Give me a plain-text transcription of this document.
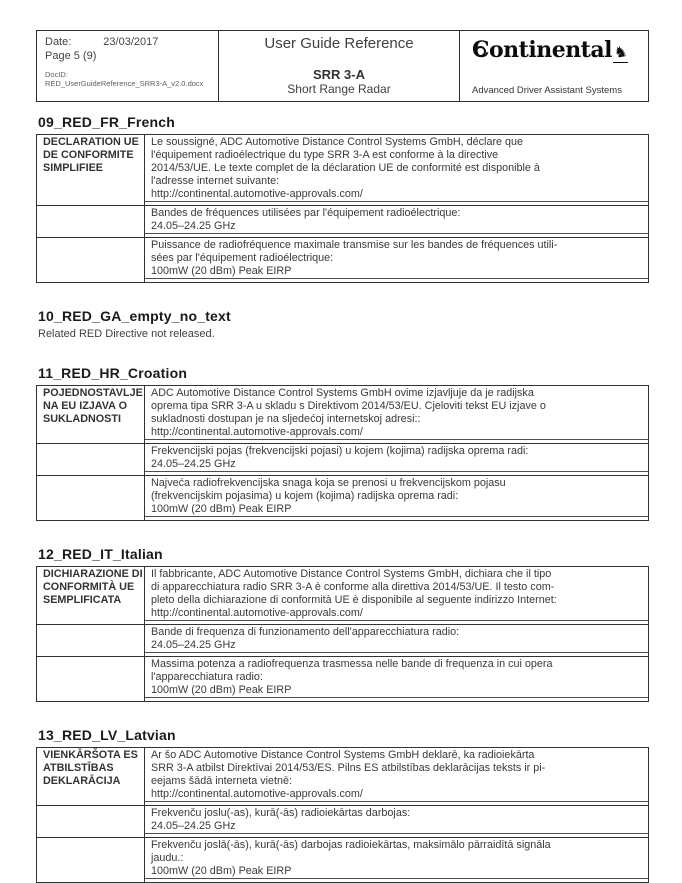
Date:	23/03/2017
Page 5 (9)
DocID:
RED_UserGuideReference_SRR3-A_v2.0.docx
User Guide Reference
SRR 3-A
Short Range Radar
Continental♞
Advanced Driver Assistant Systems
09_RED_FR_French
DECLARATION UE
DE CONFORMITE
SIMPLIFIEE

Le soussigné, ADC Automotive Distance Control Systems GmbH, déclare que
l'équipement radioélectrique du type SRR 3-A est conforme à la directive
2014/53/UE. Le texte complet de la déclaration UE de conformité est disponible à
l'adresse internet suivante:
http://continental.automotive-approvals.com/

	Bandes de fréquences utilisées par l'équipement radioélectrique:
24.05–24.25 GHz

	Puissance de radiofréquence maximale transmise sur les bandes de fréquences utili-
sées par l'équipement radioélectrique:
100mW (20 dBm) Peak EIRP
10_RED_GA_empty_no_text
Related RED Directive not released.
11_RED_HR_Croation
POJEDNOSTAVLJE
NA EU IZJAVA O
SUKLADNOSTI

ADC Automotive Distance Control Systems GmbH ovime izjavljuje da je radijska
oprema tipa SRR 3-A u skladu s Direktivom 2014/53/EU. Cjeloviti tekst EU izjave o
sukladnosti dostupan je na sljedećoj internetskoj adresi::
http://continental.automotive-approvals.com/

	Frekvencijski pojas (frekvencijski pojasi) u kojem (kojima) radijska oprema radi:
24.05–24.25 GHz

	Najveća radiofrekvencijska snaga koja se prenosi u frekvencijskom pojasu
(frekvencijskim pojasima) u kojem (kojima) radijska oprema radi:
100mW (20 dBm) Peak EIRP
12_RED_IT_Italian
DICHIARAZIONE DI
CONFORMITÀ UE
SEMPLIFICATA

Il fabbricante, ADC Automotive Distance Control Systems GmbH, dichiara che il tipo
di apparecchiatura radio SRR 3-A è conforme alla direttiva 2014/53/UE. Il testo com-
pleto della dichiarazione di conformità UE è disponibile al seguente indirizzo Internet:
http://continental.automotive-approvals.com/

	Bande di frequenza di funzionamento dell'apparecchiatura radio:
24.05–24.25 GHz

	Massima potenza a radiofrequenza trasmessa nelle bande di frequenza in cui opera
l'apparecchiatura radio:
100mW (20 dBm) Peak EIRP
13_RED_LV_Latvian
VIENKĀRŠOTA ES
ATBILSTĪBAS
DEKLARĀCIJA

Ar šo ADC Automotive Distance Control Systems GmbH deklarē, ka radioiekārta
SRR 3-A atbilst Direktīvai 2014/53/ES. Pilns ES atbilstības deklarācijas teksts ir pi-
eejams šādā interneta vietnē:
http://continental.automotive-approvals.com/

	Frekvenču joslu(-as), kurā(-ās) radioiekārtas darbojas:
24.05–24.25 GHz

	Frekvenču joslā(-ās), kurā(-ās) darbojas radioiekārtas, maksimālo pārraidītā signāla
jaudu.:
100mW (20 dBm) Peak EIRP
